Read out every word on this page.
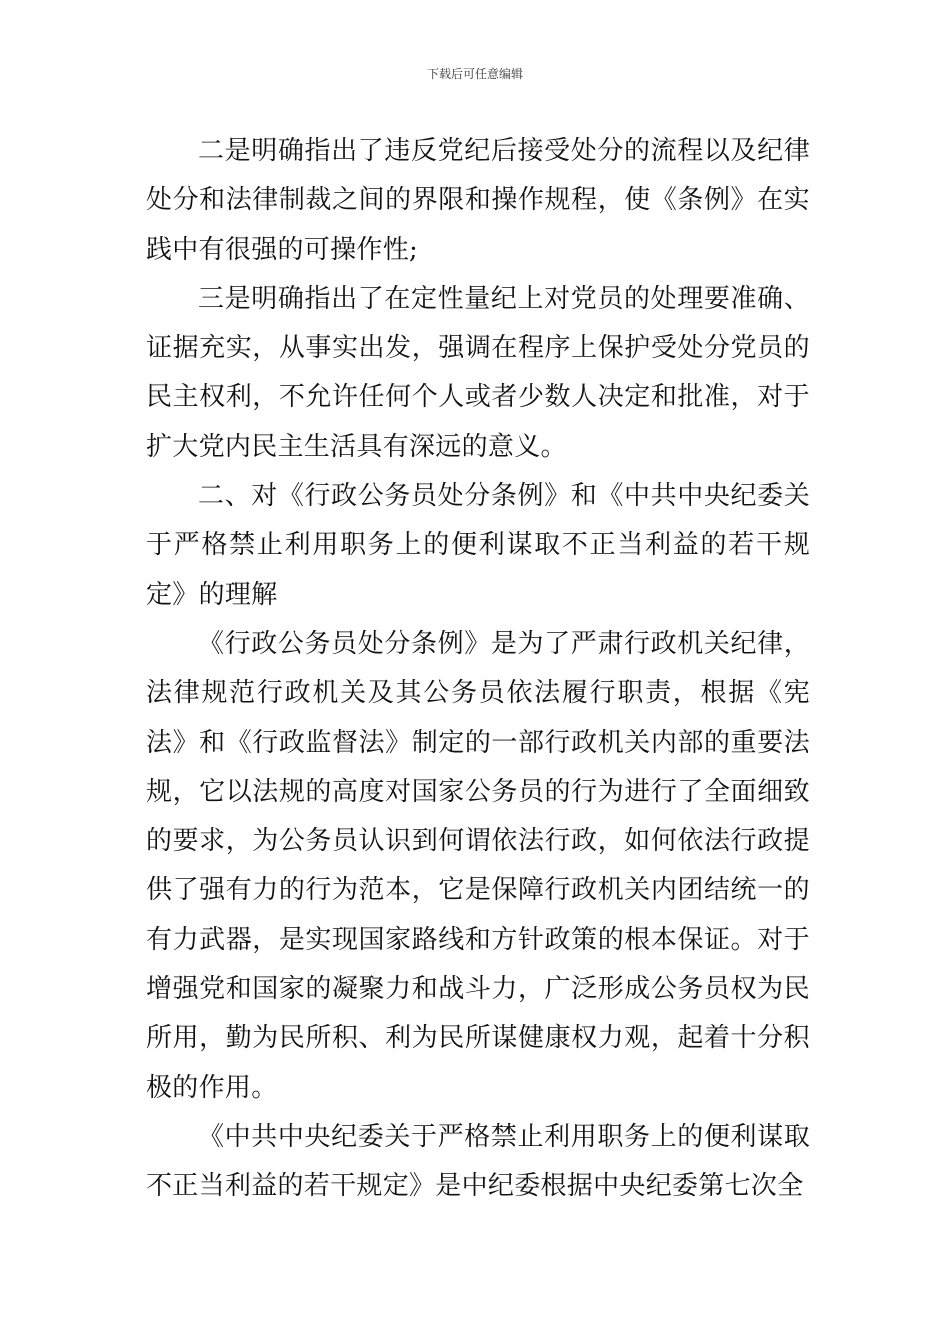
下载后可任意编辑

二是明确指出了违反党纪后接受处分的流程以及纪律处分和法律制裁之间的界限和操作规程，使《条例》在实践中有很强的可操作性;

三是明确指出了在定性量纪上对党员的处理要准确、证据充实，从事实出发，强调在程序上保护受处分党员的民主权利，不允许任何个人或者少数人决定和批准，对于扩大党内民主生活具有深远的意义。

二、对《行政公务员处分条例》和《中共中央纪委关于严格禁止利用职务上的便利谋取不正当利益的若干规定》的理解

《行政公务员处分条例》是为了严肃行政机关纪律，法律规范行政机关及其公务员依法履行职责，根据《宪法》和《行政监督法》制定的一部行政机关内部的重要法规，它以法规的高度对国家公务员的行为进行了全面细致的要求，为公务员认识到何谓依法行政，如何依法行政提供了强有力的行为范本，它是保障行政机关内团结统一的有力武器，是实现国家路线和方针政策的根本保证。对于增强党和国家的凝聚力和战斗力，广泛形成公务员权为民所用，勤为民所积、利为民所谋健康权力观，起着十分积极的作用。

《中共中央纪委关于严格禁止利用职务上的便利谋取不正当利益的若干规定》是中纪委根据中央纪委第七次全
